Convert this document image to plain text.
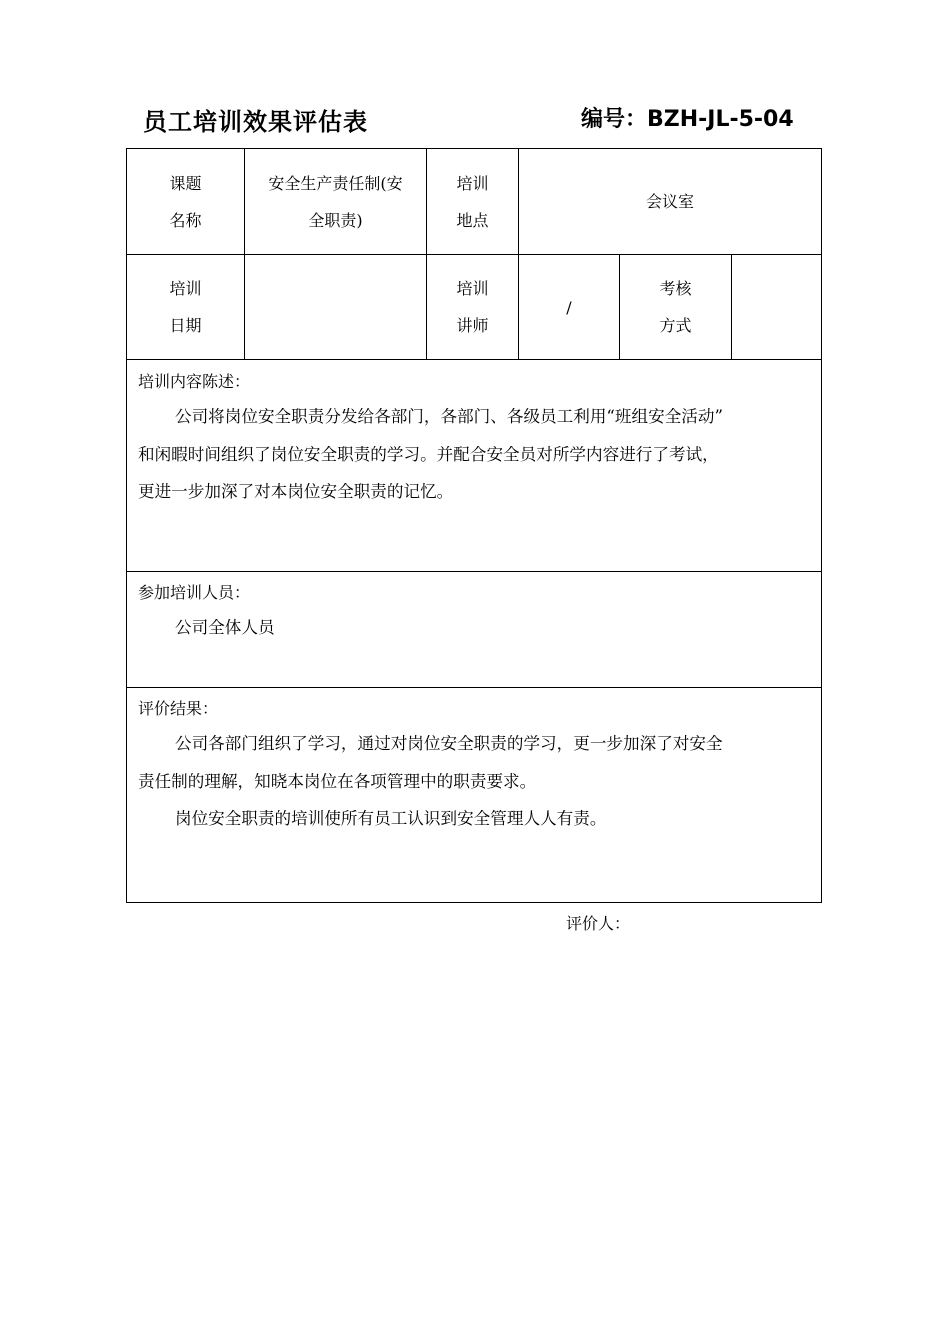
员工培训效果评估表	编号：BZH-JL-5-04
课题
名称
安全生产责任制(安
全职责)
培训
地点
会议室
培训
日期
培训
讲师
/
考核
方式
培训内容陈述：
公司将岗位安全职责分发给各部门，各部门、各级员工利用“班组安全活动”
和闲暇时间组织了岗位安全职责的学习。并配合安全员对所学内容进行了考试，
更进一步加深了对本岗位安全职责的记忆。
参加培训人员：
公司全体人员
评价结果：
公司各部门组织了学习，通过对岗位安全职责的学习，更一步加深了对安全
责任制的理解，知晓本岗位在各项管理中的职责要求。
岗位安全职责的培训使所有员工认识到安全管理人人有责。
评价人：
